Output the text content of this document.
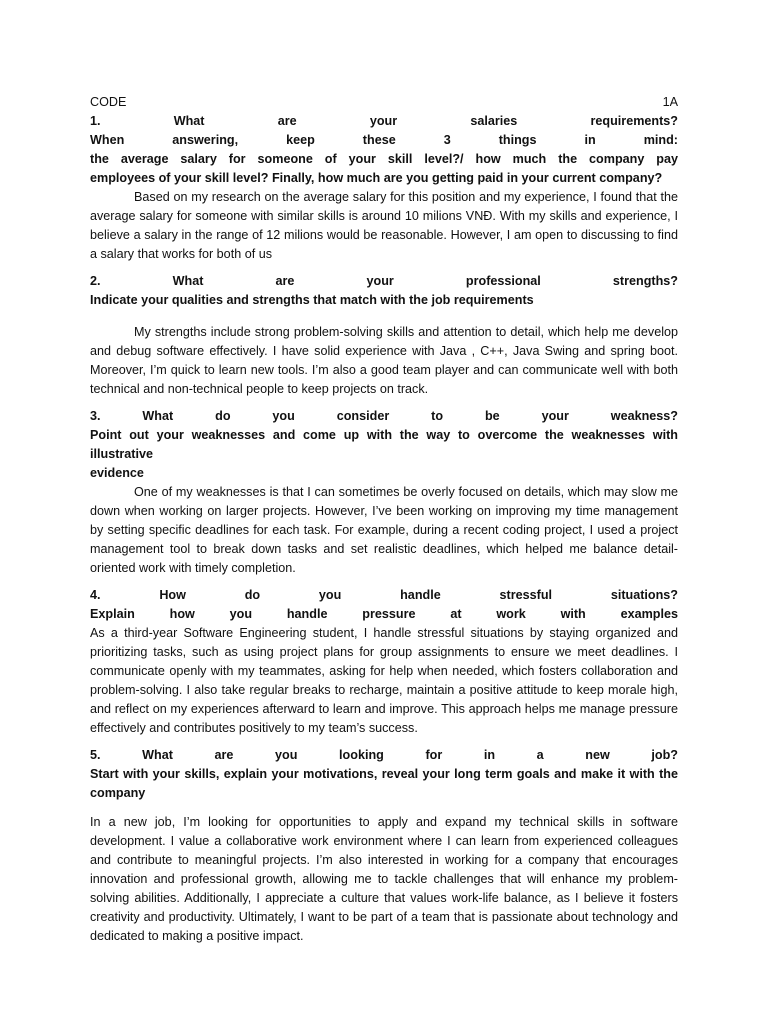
CODE	1A

1. What are your salaries requirements?

When answering, keep these 3 things in mind:

the average salary for someone of your skill level?/ how much the company pay

employees of your skill level? Finally, how much are you getting paid in your current company?

Based on my research on the average salary for this position and my experience, I found that the average salary for someone with similar skills is around 10 milions VNĐ. With my skills and experience, I believe a salary in the range of 12 milions would be reasonable. However, I am open to discussing to find a salary that works for both of us

2. What are your professional strengths?

Indicate your qualities and strengths that match with the job requirements

My strengths include strong problem-solving skills and attention to detail, which help me develop and debug software effectively. I have solid experience with Java , C++, Java Swing and spring boot. Moreover, I’m quick to learn new tools. I’m also a good team player and can communicate well with both technical and non-technical people to keep projects on track.

3. What do you consider to be your weakness?

Point out your weaknesses and come up with the way to overcome the weaknesses with illustrative

evidence

One of my weaknesses is that I can sometimes be overly focused on details, which may slow me down when working on larger projects. However, I’ve been working on improving my time management by setting specific deadlines for each task. For example, during a recent coding project, I used a project management tool to break down tasks and set realistic deadlines, which helped me balance detail-oriented work with timely completion.

4. How do you handle stressful situations?

Explain how you handle pressure at work with examples

As a third-year Software Engineering student, I handle stressful situations by staying organized and prioritizing tasks, such as using project plans for group assignments to ensure we meet deadlines. I communicate openly with my teammates, asking for help when needed, which fosters collaboration and problem-solving. I also take regular breaks to recharge, maintain a positive attitude to keep morale high, and reflect on my experiences afterward to learn and improve. This approach helps me manage pressure effectively and contributes positively to my team’s success.

5. What are you looking for in a new job?

Start with your skills, explain your motivations, reveal your long term goals and make it with the

company

In a new job, I’m looking for opportunities to apply and expand my technical skills in software development. I value a collaborative work environment where I can learn from experienced colleagues and contribute to meaningful projects. I’m also interested in working for a company that encourages innovation and professional growth, allowing me to tackle challenges that will enhance my problem-solving abilities. Additionally, I appreciate a culture that values work-life balance, as I believe it fosters creativity and productivity. Ultimately, I want to be part of a team that is passionate about technology and dedicated to making a positive impact.
